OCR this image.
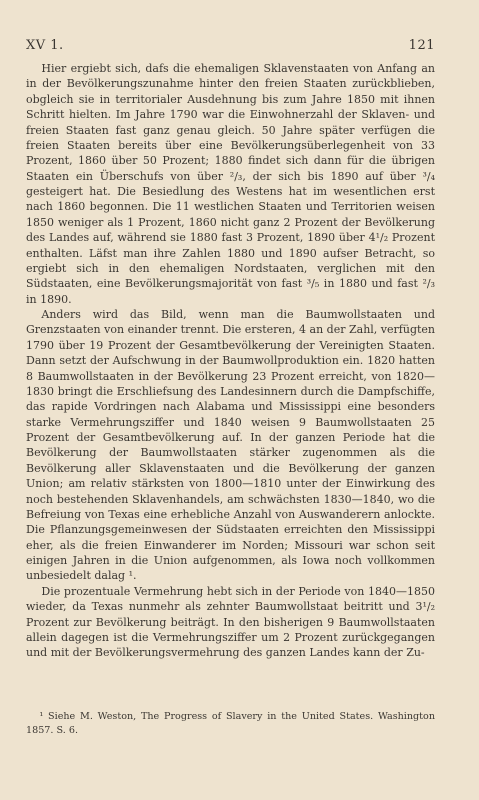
XV 1.	121

Hier ergiebt sich, dafs die ehemaligen Sklavenstaaten von Anfang an in der Bevölkerungszunahme hinter den freien Staaten zurückblieben, obgleich sie in territorialer Ausdehnung bis zum Jahre 1850 mit ihnen Schritt hielten. Im Jahre 1790 war die Einwohnerzahl der Sklaven- und freien Staaten fast ganz genau gleich. 50 Jahre später verfügen die freien Staaten bereits über eine Bevölkerungsüberlegenheit von 33 Prozent, 1860 über 50 Prozent; 1880 findet sich dann für die übrigen Staaten ein Überschufs von über ²/₃, der sich bis 1890 auf über ³/₄ gesteigert hat. Die Besiedlung des Westens hat im wesentlichen erst nach 1860 begonnen. Die 11 westlichen Staaten und Territorien weisen 1850 weniger als 1 Prozent, 1860 nicht ganz 2 Prozent der Bevölkerung des Landes auf, während sie 1880 fast 3 Prozent, 1890 über 4¹/₂ Prozent enthalten. Läfst man ihre Zahlen 1880 und 1890 aufser Betracht, so ergiebt sich in den ehemaligen Nordstaaten, verglichen mit den Südstaaten, eine Bevölkerungsmajorität von fast ³/₅ in 1880 und fast ²/₃ in 1890.

Anders wird das Bild, wenn man die Baumwollstaaten und Grenzstaaten von einander trennt. Die ersteren, 4 an der Zahl, verfügten 1790 über 19 Prozent der Gesamtbevölkerung der Vereinigten Staaten. Dann setzt der Aufschwung in der Baumwollproduktion ein. 1820 hatten 8 Baumwollstaaten in der Bevölkerung 23 Prozent erreicht, von 1820—1830 bringt die Erschliefsung des Landesinnern durch die Dampfschiffe, das rapide Vordringen nach Alabama und Mississippi eine besonders starke Vermehrungsziffer und 1840 weisen 9 Baumwollstaaten 25 Prozent der Gesamtbevölkerung auf. In der ganzen Periode hat die Bevölkerung der Baumwollstaaten stärker zugenommen als die Bevölkerung aller Sklavenstaaten und die Bevölkerung der ganzen Union; am relativ stärksten von 1800—1810 unter der Einwirkung des noch bestehenden Sklavenhandels, am schwächsten 1830—1840, wo die Befreiung von Texas eine erhebliche Anzahl von Auswanderern anlockte. Die Pflanzungsgemeinwesen der Südstaaten erreichten den Mississippi eher, als die freien Einwanderer im Norden; Missouri war schon seit einigen Jahren in die Union aufgenommen, als Iowa noch vollkommen unbesiedelt dalag ¹.

Die prozentuale Vermehrung hebt sich in der Periode von 1840—1850 wieder, da Texas nunmehr als zehnter Baumwollstaat beitritt und 3¹/₂ Prozent zur Bevölkerung beiträgt. In den bisherigen 9 Baumwollstaaten allein dagegen ist die Vermehrungsziffer um 2 Prozent zurückgegangen und mit der Bevölkerungsvermehrung des ganzen Landes kann der Zu-

¹ Siehe M. Weston, The Progress of Slavery in the United States. Washington 1857. S. 6.
